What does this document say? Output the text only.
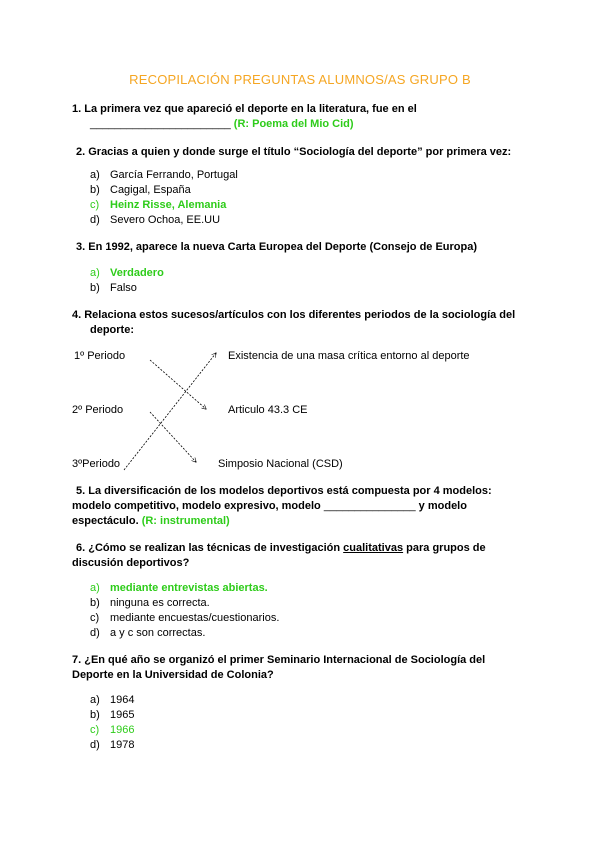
RECOPILACIÓN PREGUNTAS ALUMNOS/AS GRUPO B
1. La primera vez que apareció el deporte en la literatura, fue en el
_______________________ (R: Poema del Mio Cid)
2. Gracias a quien y donde surge el título “Sociología del deporte” por primera vez:
a) García Ferrando, Portugal
b) Cagigal, España
c) Heinz Risse, Alemania
d) Severo Ochoa, EE.UU
3. En 1992, aparece la nueva Carta Europea del Deporte (Consejo de Europa)
a) Verdadero
b) Falso
4. Relaciona estos sucesos/artículos con los diferentes periodos de la sociología del
deporte:
1º Periodo
2º Periodo
3ºPeriodo
Existencia de una masa crítica entorno al deporte
Articulo 43.3 CE
Simposio Nacional (CSD)
5. La diversificación de los modelos deportivos está compuesta por 4 modelos:
modelo competitivo, modelo expresivo, modelo _______________ y modelo
espectáculo. (R: instrumental)
6. ¿Cómo se realizan las técnicas de investigación cualitativas para grupos de
discusión deportivos?
a) mediante entrevistas abiertas.
b) ninguna es correcta.
c) mediante encuestas/cuestionarios.
d) a y c son correctas.
7. ¿En qué año se organizó el primer Seminario Internacional de Sociología del
Deporte en la Universidad de Colonia?
a) 1964
b) 1965
c) 1966
d) 1978
